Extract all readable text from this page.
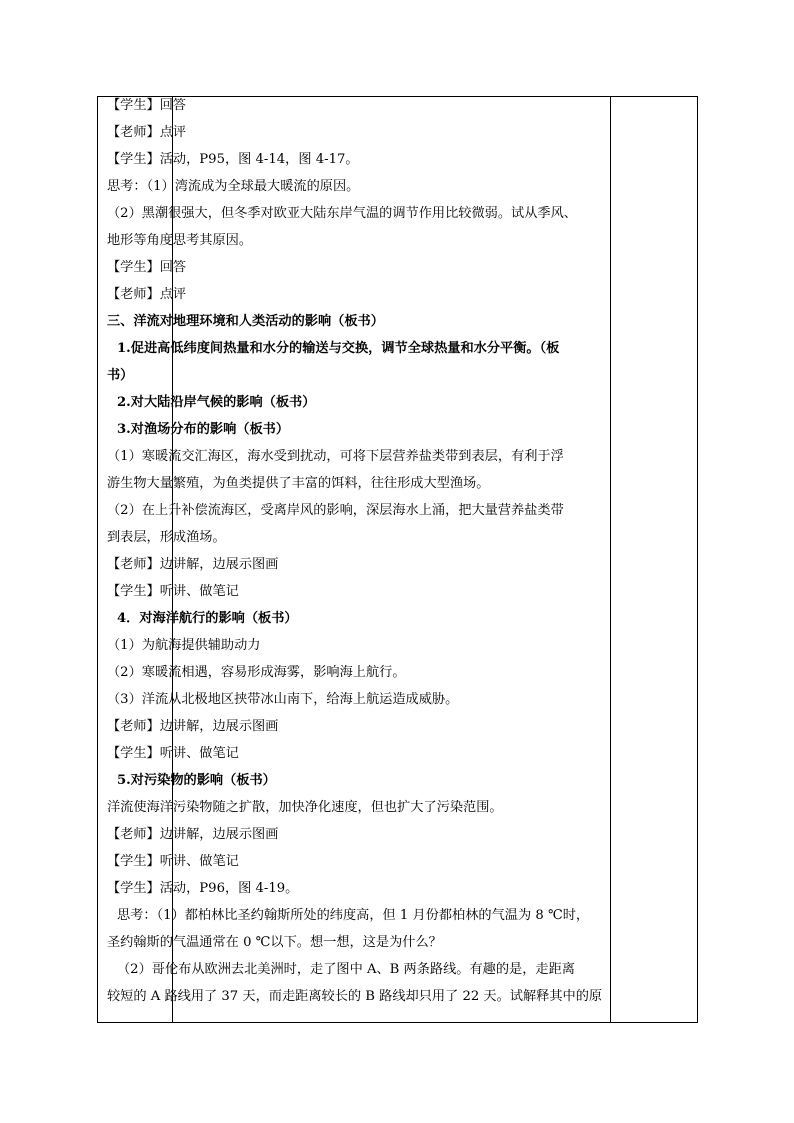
【学生】回答
【老师】点评
【学生】活动，P95，图 4-14，图 4-17。
思考：（1）湾流成为全球最大暖流的原因。
（2）黑潮很强大，但冬季对欧亚大陆东岸气温的调节作用比较微弱。试从季风、
地形等角度思考其原因。
【学生】回答
【老师】点评
三、洋流对地理环境和人类活动的影响（板书）
1.促进高低纬度间热量和水分的输送与交换，调节全球热量和水分平衡。（板
书）
2.对大陆沿岸气候的影响（板书）
3.对渔场分布的影响（板书）
（1）寒暖流交汇海区，海水受到扰动，可将下层营养盐类带到表层，有利于浮
游生物大量繁殖，为鱼类提供了丰富的饵料，往往形成大型渔场。
（2）在上升补偿流海区，受离岸风的影响，深层海水上涌，把大量营养盐类带
到表层，形成渔场。
【老师】边讲解，边展示图画
【学生】听讲、做笔记
4．对海洋航行的影响（板书）
（1）为航海提供辅助动力
（2）寒暖流相遇，容易形成海雾，影响海上航行。
（3）洋流从北极地区挟带冰山南下，给海上航运造成威胁。
【老师】边讲解，边展示图画
【学生】听讲、做笔记
5.对污染物的影响（板书）
洋流使海洋污染物随之扩散，加快净化速度，但也扩大了污染范围。
【老师】边讲解，边展示图画
【学生】听讲、做笔记
【学生】活动，P96，图 4-19。
思考：（1）都柏林比圣约翰斯所处的纬度高，但 1 月份都柏林的气温为 8 ℃时，
圣约翰斯的气温通常在 0 ℃以下。想一想，这是为什么？
（2）哥伦布从欧洲去北美洲时，走了图中 A、B 两条路线。有趣的是，走距离
较短的 A 路线用了 37 天，而走距离较长的 B 路线却只用了 22 天。试解释其中的原
